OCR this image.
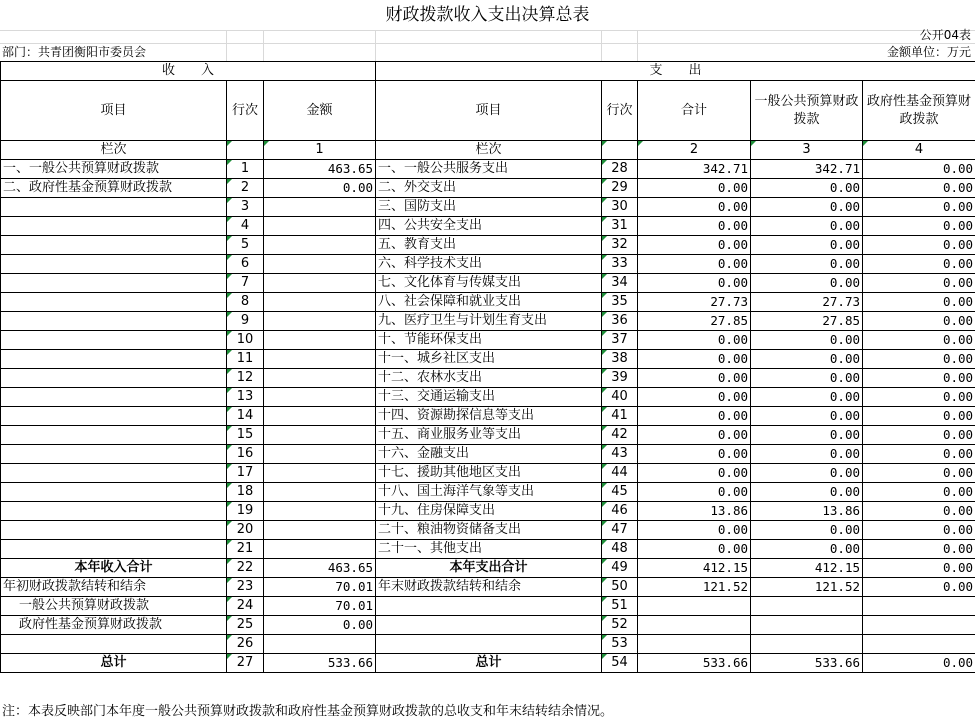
财政拨款收入支出决算总表
公开04表
部门：共青团衡阳市委员会	金额单位：万元
收　　入			支　　出				
项目	行次	金额	项目	行次	合计	一般公共预算财政拨款	政府性基金预算财政拨款
栏次		1	栏次		2	3	4
一、一般公共预算财政拨款	1	463.65	一、一般公共服务支出	28	342.71	342.71	0.00
二、政府性基金预算财政拨款	2	0.00	二、外交支出	29	0.00	0.00	0.00
	3		三、国防支出	30	0.00	0.00	0.00
	4		四、公共安全支出	31	0.00	0.00	0.00
	5		五、教育支出	32	0.00	0.00	0.00
	6		六、科学技术支出	33	0.00	0.00	0.00
	7		七、文化体育与传媒支出	34	0.00	0.00	0.00
	8		八、社会保障和就业支出	35	27.73	27.73	0.00
	9		九、医疗卫生与计划生育支出	36	27.85	27.85	0.00
	10		十、节能环保支出	37	0.00	0.00	0.00
	11		十一、城乡社区支出	38	0.00	0.00	0.00
	12		十二、农林水支出	39	0.00	0.00	0.00
	13		十三、交通运输支出	40	0.00	0.00	0.00
	14		十四、资源勘探信息等支出	41	0.00	0.00	0.00
	15		十五、商业服务业等支出	42	0.00	0.00	0.00
	16		十六、金融支出	43	0.00	0.00	0.00
	17		十七、援助其他地区支出	44	0.00	0.00	0.00
	18		十八、国土海洋气象等支出	45	0.00	0.00	0.00
	19		十九、住房保障支出	46	13.86	13.86	0.00
	20		二十、粮油物资储备支出	47	0.00	0.00	0.00
	21		二十一、其他支出	48	0.00	0.00	0.00
本年收入合计	22	463.65	本年支出合计	49	412.15	412.15	0.00
年初财政拨款结转和结余	23	70.01	年末财政拨款结转和结余	50	121.52	121.52	0.00
一般公共预算财政拨款	24	70.01		51			
政府性基金预算财政拨款	25	0.00		52			
	26			53			
总计	27	533.66	总计	54	533.66	533.66	0.00
注：本表反映部门本年度一般公共预算财政拨款和政府性基金预算财政拨款的总收支和年末结转结余情况。
